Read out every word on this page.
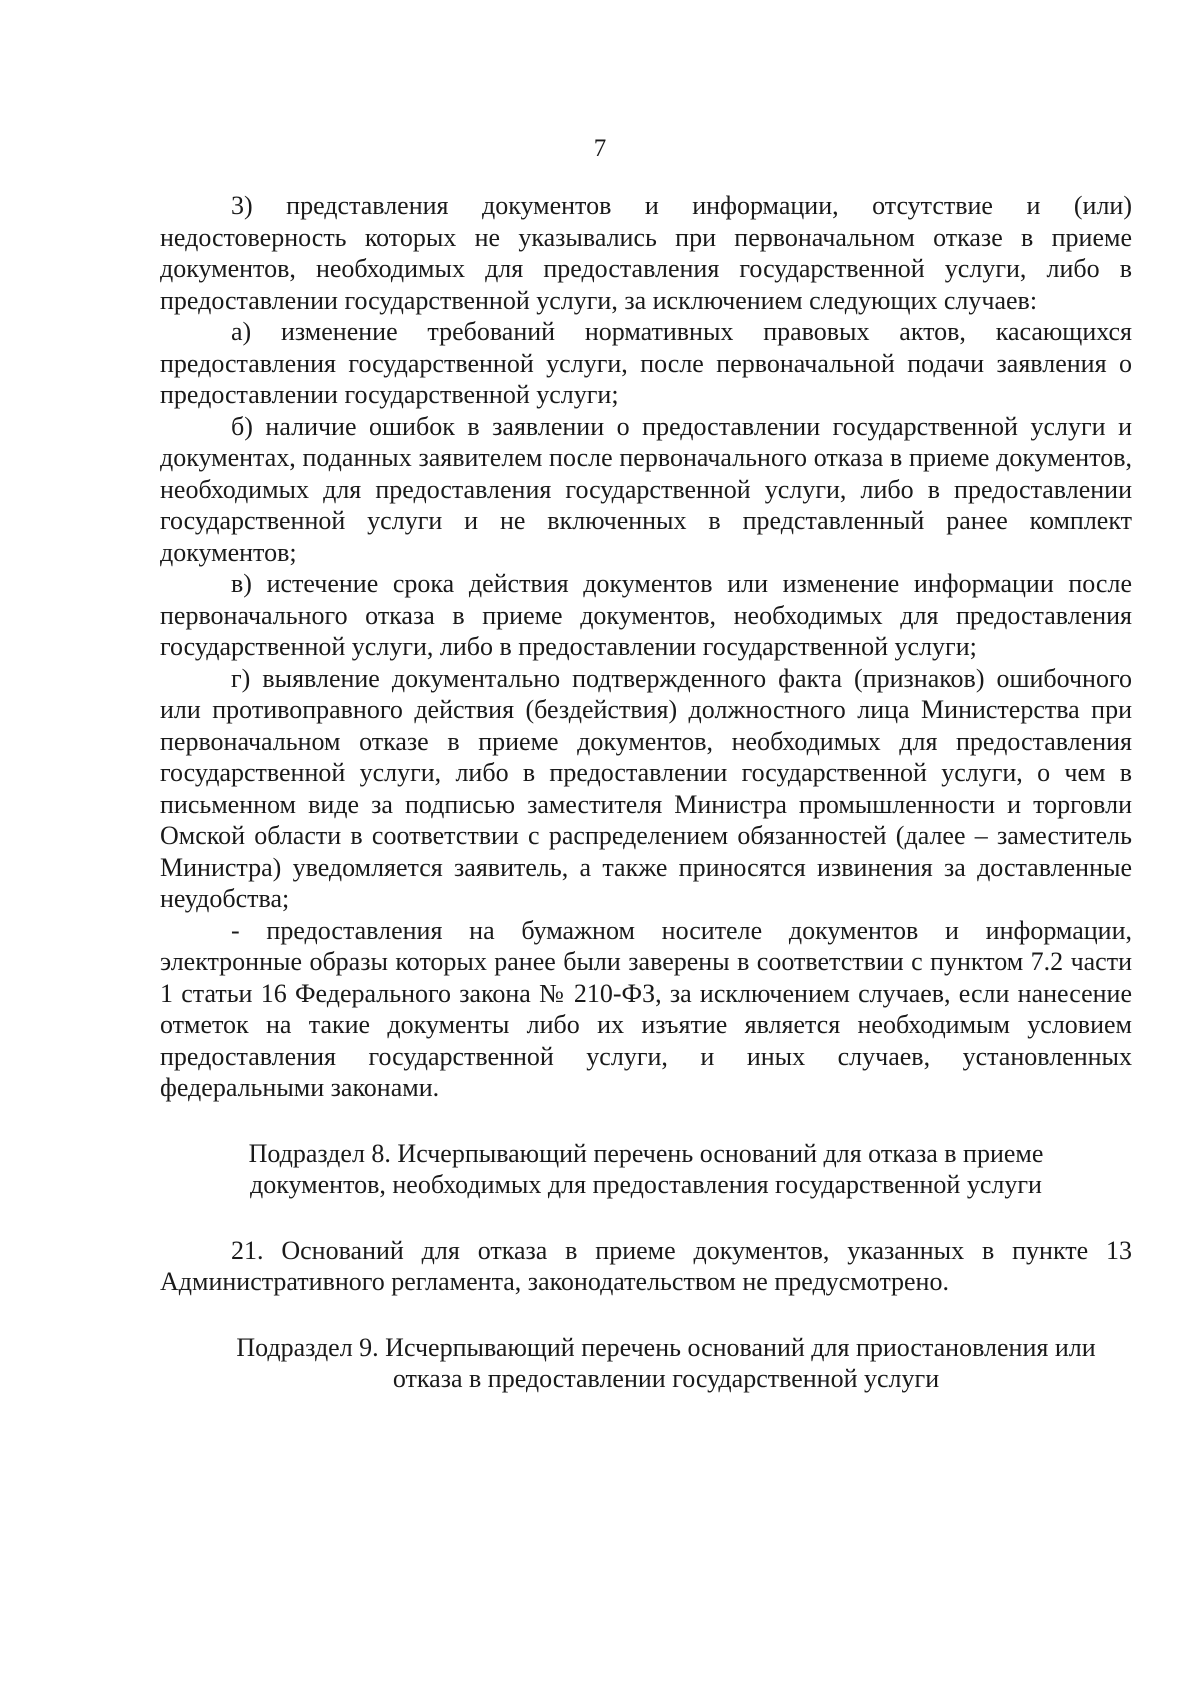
7

3) представления документов и информации, отсутствие и (или) недостоверность которых не указывались при первоначальном отказе в приеме документов, необходимых для предоставления государственной услуги, либо в предоставлении государственной услуги, за исключением следующих случаев:

а) изменение требований нормативных правовых актов, касающихся предоставления государственной услуги, после первоначальной подачи заявления о предоставлении государственной услуги;

б) наличие ошибок в заявлении о предоставлении государственной услуги и документах, поданных заявителем после первоначального отказа в приеме документов, необходимых для предоставления государственной услуги, либо в предоставлении государственной услуги и не включенных в представленный ранее комплект документов;

в) истечение срока действия документов или изменение информации после первоначального отказа в приеме документов, необходимых для предоставления государственной услуги, либо в предоставлении государственной услуги;

г) выявление документально подтвержденного факта (признаков) ошибочного или противоправного действия (бездействия) должностного лица Министерства при первоначальном отказе в приеме документов, необходимых для предоставления государственной услуги, либо в предоставлении государственной услуги, о чем в письменном виде за подписью заместителя Министра промышленности и торговли Омской области в соответствии с распределением обязанностей (далее – заместитель Министра) уведомляется заявитель, а также приносятся извинения за доставленные неудобства;

- предоставления на бумажном носителе документов и информации, электронные образы которых ранее были заверены в соответствии с пунктом 7.2 части 1 статьи 16 Федерального закона № 210-ФЗ, за исключением случаев, если нанесение отметок на такие документы либо их изъятие является необходимым условием предоставления государственной услуги, и иных случаев, установленных федеральными законами.

Подраздел 8. Исчерпывающий перечень оснований для отказа в приеме документов, необходимых для предоставления государственной услуги

21. Оснований для отказа в приеме документов, указанных в пункте 13 Административного регламента, законодательством не предусмотрено.

Подраздел 9. Исчерпывающий перечень оснований для приостановления или отказа в предоставлении государственной услуги
